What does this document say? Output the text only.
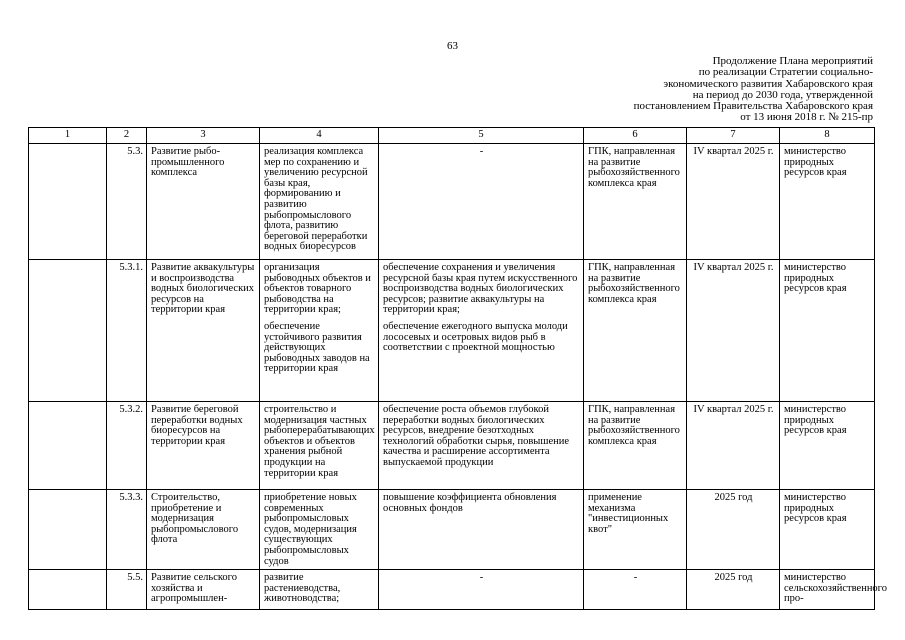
63
Продолжение Плана мероприятий
по реализации Стратегии социально-
экономического развития Хабаровского края
на период до 2030 года, утвержденной
постановлением Правительства Хабаровского края
от 13 июня 2018 г. № 215-пр
1	2	3	4	5	6	7	8
	5.3.	Развитие рыбо-промышленного комплекса	реализация комплекса мер по сохранению и увеличению ресурсной базы края, формированию и развитию рыбопромыслового флота, развитию береговой переработки водных биоресурсов	-	ГПК, направленная на развитие рыбохозяйственного комплекса края	IV квартал 2025 г.	министерство природных ресурсов края
	5.3.1.	Развитие аквакультуры и воспроизводства водных биологических ресурсов на территории края	организация рыбоводных объектов и объектов товарного рыбоводства на территории края;
обеспечение устойчивого развития действующих рыбоводных заводов на территории края	обеспечение сохранения и увеличения ресурсной базы края путем искусственного воспроизводства водных биологических ресурсов; развитие аквакультуры на территории края;
обеспечение ежегодного выпуска молоди лососевых и осетровых видов рыб в соответствии с проектной мощностью	ГПК, направленная на развитие рыбохозяйственного комплекса края	IV квартал 2025 г.	министерство природных ресурсов края
	5.3.2.	Развитие береговой переработки водных биоресурсов на территории края	строительство и модернизация частных рыбоперерабатывающих объектов и объектов хранения рыбной продукции на территории края	обеспечение роста объемов глубокой переработки водных биологических ресурсов, внедрение безотходных технологий обработки сырья, повышение качества и расширение ассортимента выпускаемой продукции	ГПК, направленная на развитие рыбохозяйственного комплекса края	IV квартал 2025 г.	министерство природных ресурсов края
	5.3.3.	Строительство, приобретение и модернизация рыбопромыслового флота	приобретение новых современных рыбопромысловых судов, модернизация существующих рыбопромысловых судов	повышение коэффициента обновления основных фондов	применение механизма "инвестиционных квот"	2025 год	министерство природных ресурсов края
	5.5.	Развитие сельского хозяйства и агропромышлен-	развитие растениеводства, животноводства;	-	-	2025 год	министерство сельскохозяйственного про-
